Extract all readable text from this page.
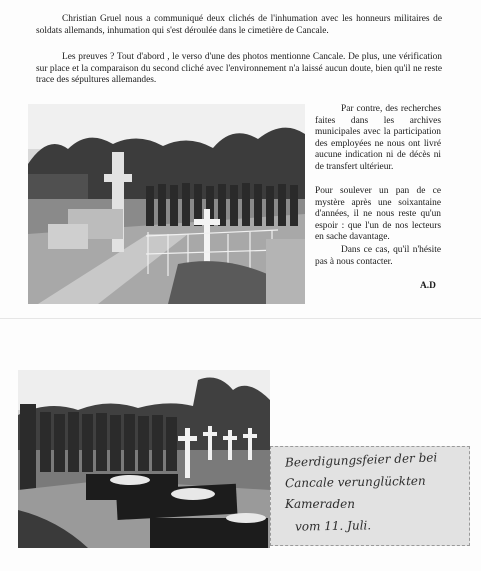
Christian Gruel nous a communiqué deux clichés de l'inhumation avec les honneurs militaires de soldats allemands, inhumation qui s'est déroulée dans le cimetière de Cancale.

Les preuves ? Tout d'abord , le verso d'une des photos mentionne Cancale. De plus, une vérification sur place et la comparaison du second cliché avec l'environnement n'a laissé aucun doute, bien qu'il ne reste trace des sépultures allemandes.

Par contre, des recherches faites dans les archives municipales avec la participation des employées ne nous ont livré aucune indication ni de décès ni de transfert ultérieur.

Pour soulever un pan de ce mystère après une soixantaine d'années, il ne nous reste qu'un espoir : que l'un de nos lecteurs en sache davantage.

Dans ce cas, qu'il n'hésite pas à nous contacter.

A.D
Beerdigungsfeier der bei
Cancale verunglückten
Kameraden
vom 11. Juli.
